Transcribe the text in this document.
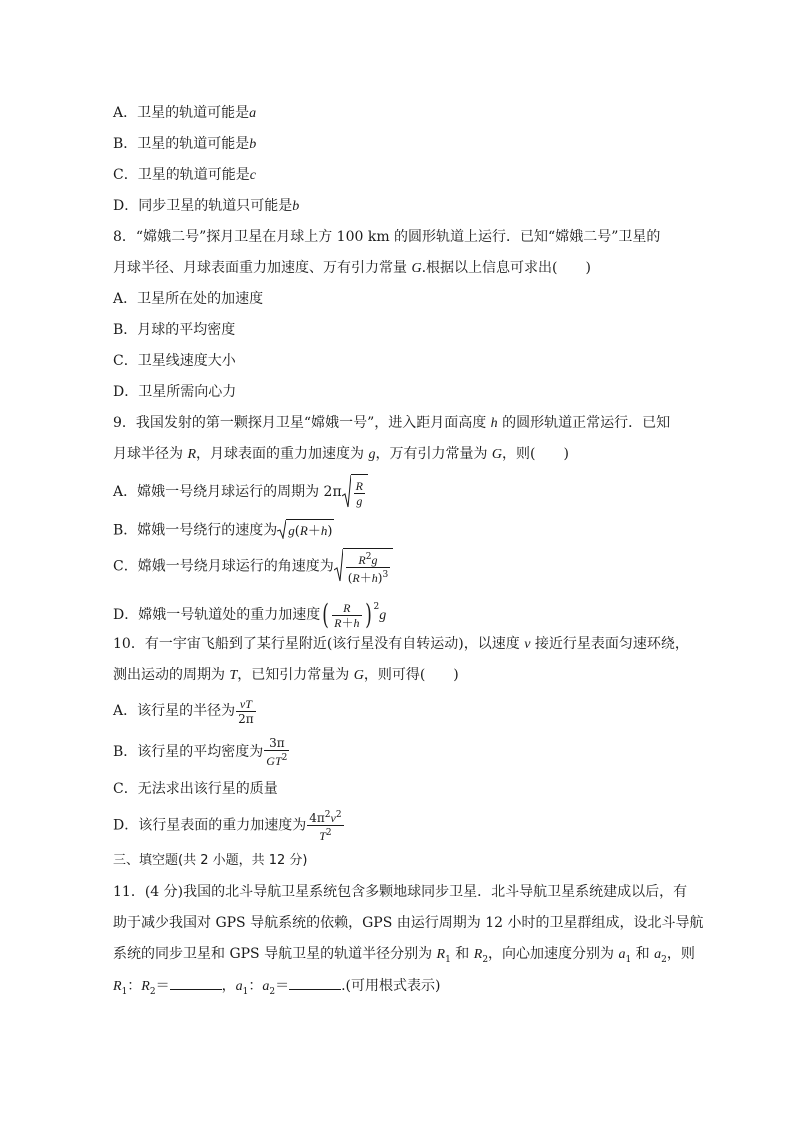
A．卫星的轨道可能是a
B．卫星的轨道可能是b
C．卫星的轨道可能是c
D．同步卫星的轨道只可能是b
8．“嫦娥二号”探月卫星在月球上方 100 km 的圆形轨道上运行．已知“嫦娥二号”卫星的
月球半径、月球表面重力加速度、万有引力常量 G.根据以上信息可求出(　　)
A．卫星所在处的加速度
B．月球的平均密度
C．卫星线速度大小
D．卫星所需向心力
9．我国发射的第一颗探月卫星“嫦娥一号”，进入距月面高度 h 的圆形轨道正常运行．已知
月球半径为 R，月球表面的重力加速度为 g，万有引力常量为 G，则(　　)
A．嫦娥一号绕月球运行的周期为 $2\pi \frac{R}{g}$
B．嫦娥一号绕行的速度为 g(R＋h)
C．嫦娥一号绕月球运行的角速度为 $\frac{R^2g}{(R+h)^3}$
D．嫦娥一号轨道处的重力加速度( $\frac{R}{R+h}$ ) $^2$g
10．有一宇宙飞船到了某行星附近(该行星没有自转运动)，以速度 v 接近行星表面匀速环绕，
测出运动的周期为 T，已知引力常量为 G，则可得(　　)
A．该行星的半径为 $\frac{vT}{2\pi}$
B．该行星的平均密度为 $\frac{3\pi}{GT^2}$
C．无法求出该行星的质量
D．该行星表面的重力加速度为 $\frac{4\pi^2v^2}{T^2}$
三、填空题(共 2 小题，共 12 分)
11．(4 分)我国的北斗导航卫星系统包含多颗地球同步卫星．北斗导航卫星系统建成以后，有
助于减少我国对 GPS 导航系统的依赖，GPS 由运行周期为 12 小时的卫星群组成，设北斗导航
系统的同步卫星和 GPS 导航卫星的轨道半径分别为 $R_1$ 和 $R_2$，向心加速度分别为 $a_1$ 和 $a_2$，则
$R_1$：$R_2=$	，$a_1$：$a_2=$	.(可用根式表示)
